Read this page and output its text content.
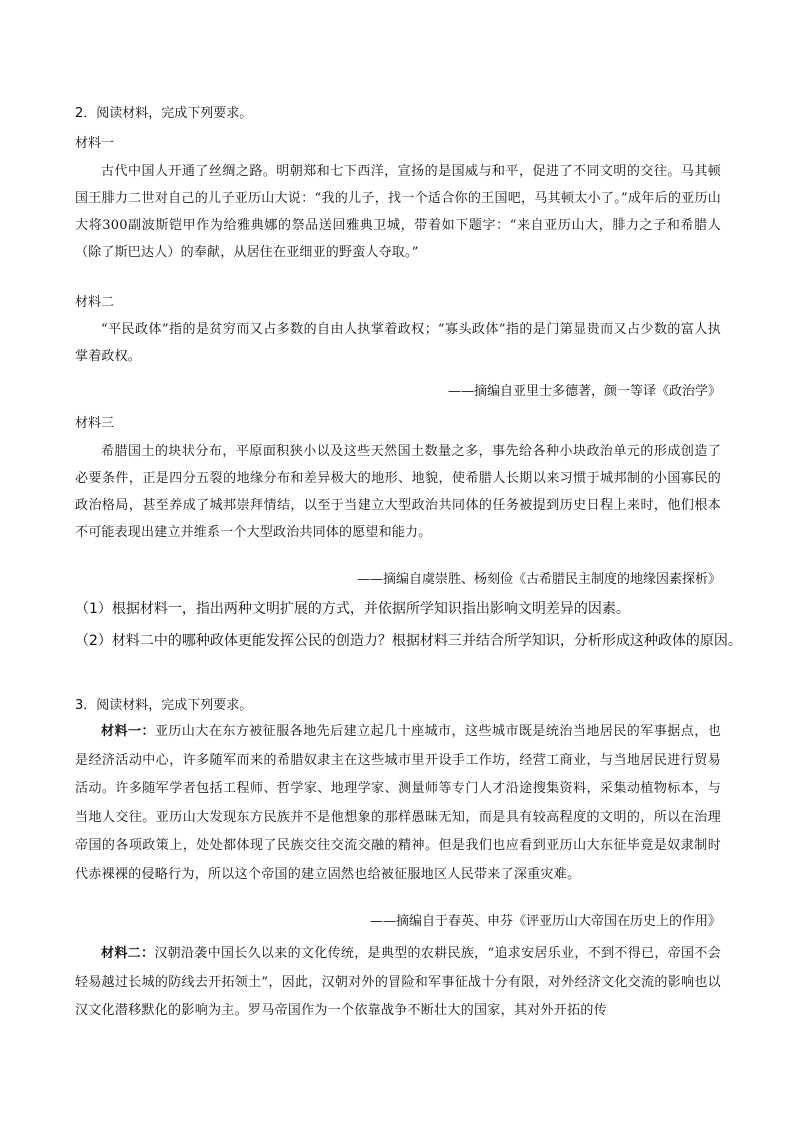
2．阅读材料，完成下列要求。
材料一
古代中国人开通了丝绸之路。明朝郑和七下西洋，宣扬的是国威与和平，促进了不同文明的交往。马其顿国王腓力二世对自己的儿子亚历山大说：“我的儿子，找一个适合你的王国吧，马其顿太小了。”成年后的亚历山大将300副波斯铠甲作为给雅典娜的祭品送回雅典卫城，带着如下题字：“来自亚历山大，腓力之子和希腊人（除了斯巴达人）的奉献，从居住在亚细亚的野蛮人夺取。”
材料二
“平民政体”指的是贫穷而又占多数的自由人执掌着政权；“寡头政体”指的是门第显贵而又占少数的富人执掌着政权。
——摘编自亚里士多德著，颜一等译《政治学》
材料三
希腊国土的块状分布，平原面积狭小以及这些天然国土数量之多，事先给各种小块政治单元的形成创造了必要条件，正是四分五裂的地缘分布和差异极大的地形、地貌，使希腊人长期以来习惯于城邦制的小国寡民的政治格局，甚至养成了城邦崇拜情结，以至于当建立大型政治共同体的任务被提到历史日程上来时，他们根本不可能表现出建立并维系一个大型政治共同体的愿望和能力。
——摘编自虞崇胜、杨刻俭《古希腊民主制度的地缘因素探析》
（1）根据材料一，指出两种文明扩展的方式，并依据所学知识指出影响文明差异的因素。
（2）材料二中的哪种政体更能发挥公民的创造力？根据材料三并结合所学知识，分析形成这种政体的原因。
3．阅读材料，完成下列要求。
材料一：亚历山大在东方被征服各地先后建立起几十座城市，这些城市既是统治当地居民的军事据点，也是经济活动中心，许多随军而来的希腊奴隶主在这些城市里开设手工作坊，经营工商业，与当地居民进行贸易活动。许多随军学者包括工程师、哲学家、地理学家、测量师等专门人才沿途搜集资料，采集动植物标本，与当地人交往。亚历山大发现东方民族并不是他想象的那样愚昧无知，而是具有较高程度的文明的，所以在治理帝国的各项政策上，处处都体现了民族交往交流交融的精神。但是我们也应看到亚历山大东征毕竟是奴隶制时代赤裸裸的侵略行为，所以这个帝国的建立固然也给被征服地区人民带来了深重灾难。
——摘编自于春英、申芬《评亚历山大帝国在历史上的作用》
材料二：汉朝沿袭中国长久以来的文化传统，是典型的农耕民族，“追求安居乐业，不到不得已，帝国不会轻易越过长城的防线去开拓领土”，因此，汉朝对外的冒险和军事征战十分有限，对外经济文化交流的影响也以汉文化潜移默化的影响为主。罗马帝国作为一个依靠战争不断壮大的国家，其对外开拓的传
